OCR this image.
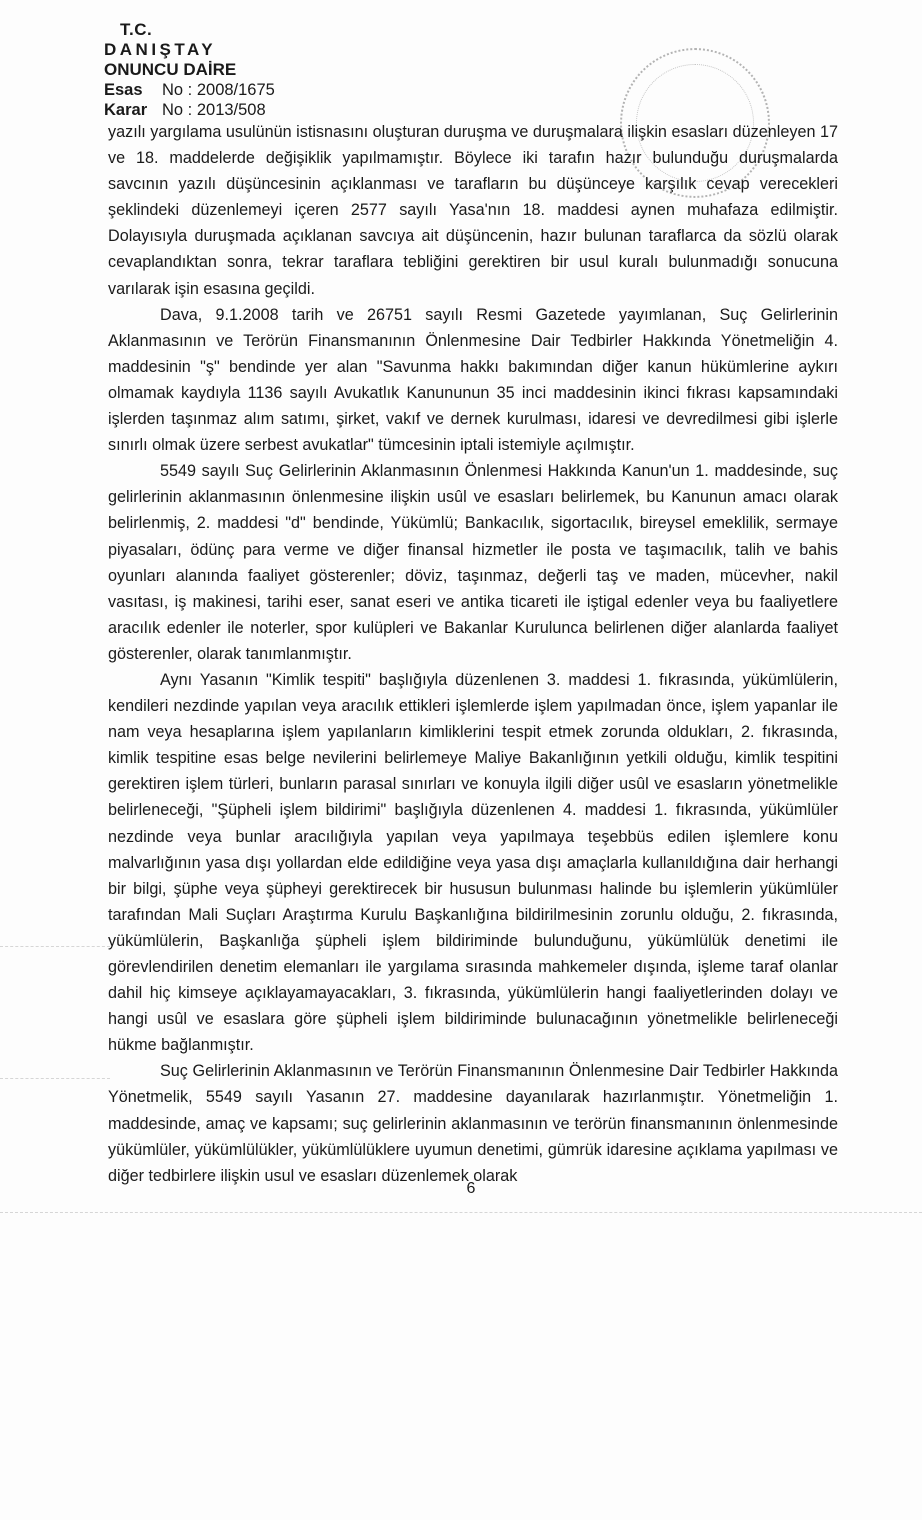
T.C.
DANIŞTAY
ONUNCU DAİRE
Esas No : 2008/1675
Karar No : 2013/508

yazılı yargılama usulünün istisnasını oluşturan duruşma ve duruşmalara ilişkin esasları düzenleyen 17 ve 18. maddelerde değişiklik yapılmamıştır. Böylece iki tarafın hazır bulunduğu duruşmalarda savcının yazılı düşüncesinin açıklanması ve tarafların bu düşünceye karşılık cevap verecekleri şeklindeki düzenlemeyi içeren 2577 sayılı Yasa'nın 18. maddesi aynen muhafaza edilmiştir. Dolayısıyla duruşmada açıklanan savcıya ait düşüncenin, hazır bulunan taraflarca da sözlü olarak cevaplandıktan sonra, tekrar taraflara tebliğini gerektiren bir usul kuralı bulunmadığı sonucuna varılarak işin esasına geçildi.

Dava, 9.1.2008 tarih ve 26751 sayılı Resmi Gazetede yayımlanan, Suç Gelirlerinin Aklanmasının ve Terörün Finansmanının Önlenmesine Dair Tedbirler Hakkında Yönetmeliğin 4. maddesinin "ş" bendinde yer alan "Savunma hakkı bakımından diğer kanun hükümlerine aykırı olmamak kaydıyla 1136 sayılı Avukatlık Kanununun 35 inci maddesinin ikinci fıkrası kapsamındaki işlerden taşınmaz alım satımı, şirket, vakıf ve dernek kurulması, idaresi ve devredilmesi gibi işlerle sınırlı olmak üzere serbest avukatlar" tümcesinin iptali istemiyle açılmıştır.

5549 sayılı Suç Gelirlerinin Aklanmasının Önlenmesi Hakkında Kanun'un 1. maddesinde, suç gelirlerinin aklanmasının önlenmesine ilişkin usûl ve esasları belirlemek, bu Kanunun amacı olarak belirlenmiş, 2. maddesi "d" bendinde, Yükümlü; Bankacılık, sigortacılık, bireysel emeklilik, sermaye piyasaları, ödünç para verme ve diğer finansal hizmetler ile posta ve taşımacılık, talih ve bahis oyunları alanında faaliyet gösterenler; döviz, taşınmaz, değerli taş ve maden, mücevher, nakil vasıtası, iş makinesi, tarihi eser, sanat eseri ve antika ticareti ile iştigal edenler veya bu faaliyetlere aracılık edenler ile noterler, spor kulüpleri ve Bakanlar Kurulunca belirlenen diğer alanlarda faaliyet gösterenler, olarak tanımlanmıştır.

Aynı Yasanın "Kimlik tespiti" başlığıyla düzenlenen 3. maddesi 1. fıkrasında, yükümlülerin, kendileri nezdinde yapılan veya aracılık ettikleri işlemlerde işlem yapılmadan önce, işlem yapanlar ile nam veya hesaplarına işlem yapılanların kimliklerini tespit etmek zorunda oldukları, 2. fıkrasında, kimlik tespitine esas belge nevilerini belirlemeye Maliye Bakanlığının yetkili olduğu, kimlik tespitini gerektiren işlem türleri, bunların parasal sınırları ve konuyla ilgili diğer usûl ve esasların yönetmelikle belirleneceği, "Şüpheli işlem bildirimi" başlığıyla düzenlenen 4. maddesi 1. fıkrasında, yükümlüler nezdinde veya bunlar aracılığıyla yapılan veya yapılmaya teşebbüs edilen işlemlere konu malvarlığının yasa dışı yollardan elde edildiğine veya yasa dışı amaçlarla kullanıldığına dair herhangi bir bilgi, şüphe veya şüpheyi gerektirecek bir hususun bulunması halinde bu işlemlerin yükümlüler tarafından Mali Suçları Araştırma Kurulu Başkanlığına bildirilmesinin zorunlu olduğu, 2. fıkrasında, yükümlülerin, Başkanlığa şüpheli işlem bildiriminde bulunduğunu, yükümlülük denetimi ile görevlendirilen denetim elemanları ile yargılama sırasında mahkemeler dışında, işleme taraf olanlar dahil hiç kimseye açıklayamayacakları, 3. fıkrasında, yükümlülerin hangi faaliyetlerinden dolayı ve hangi usûl ve esaslara göre şüpheli işlem bildiriminde bulunacağının yönetmelikle belirleneceği hükme bağlanmıştır.

Suç Gelirlerinin Aklanmasının ve Terörün Finansmanının Önlenmesine Dair Tedbirler Hakkında Yönetmelik, 5549 sayılı Yasanın 27. maddesine dayanılarak hazırlanmıştır. Yönetmeliğin 1. maddesinde, amaç ve kapsamı; suç gelirlerinin aklanmasının ve terörün finansmanının önlenmesinde yükümlüler, yükümlülükler, yükümlülüklere uyumun denetimi, gümrük idaresine açıklama yapılması ve diğer tedbirlere ilişkin usul ve esasları düzenlemek olarak

6
